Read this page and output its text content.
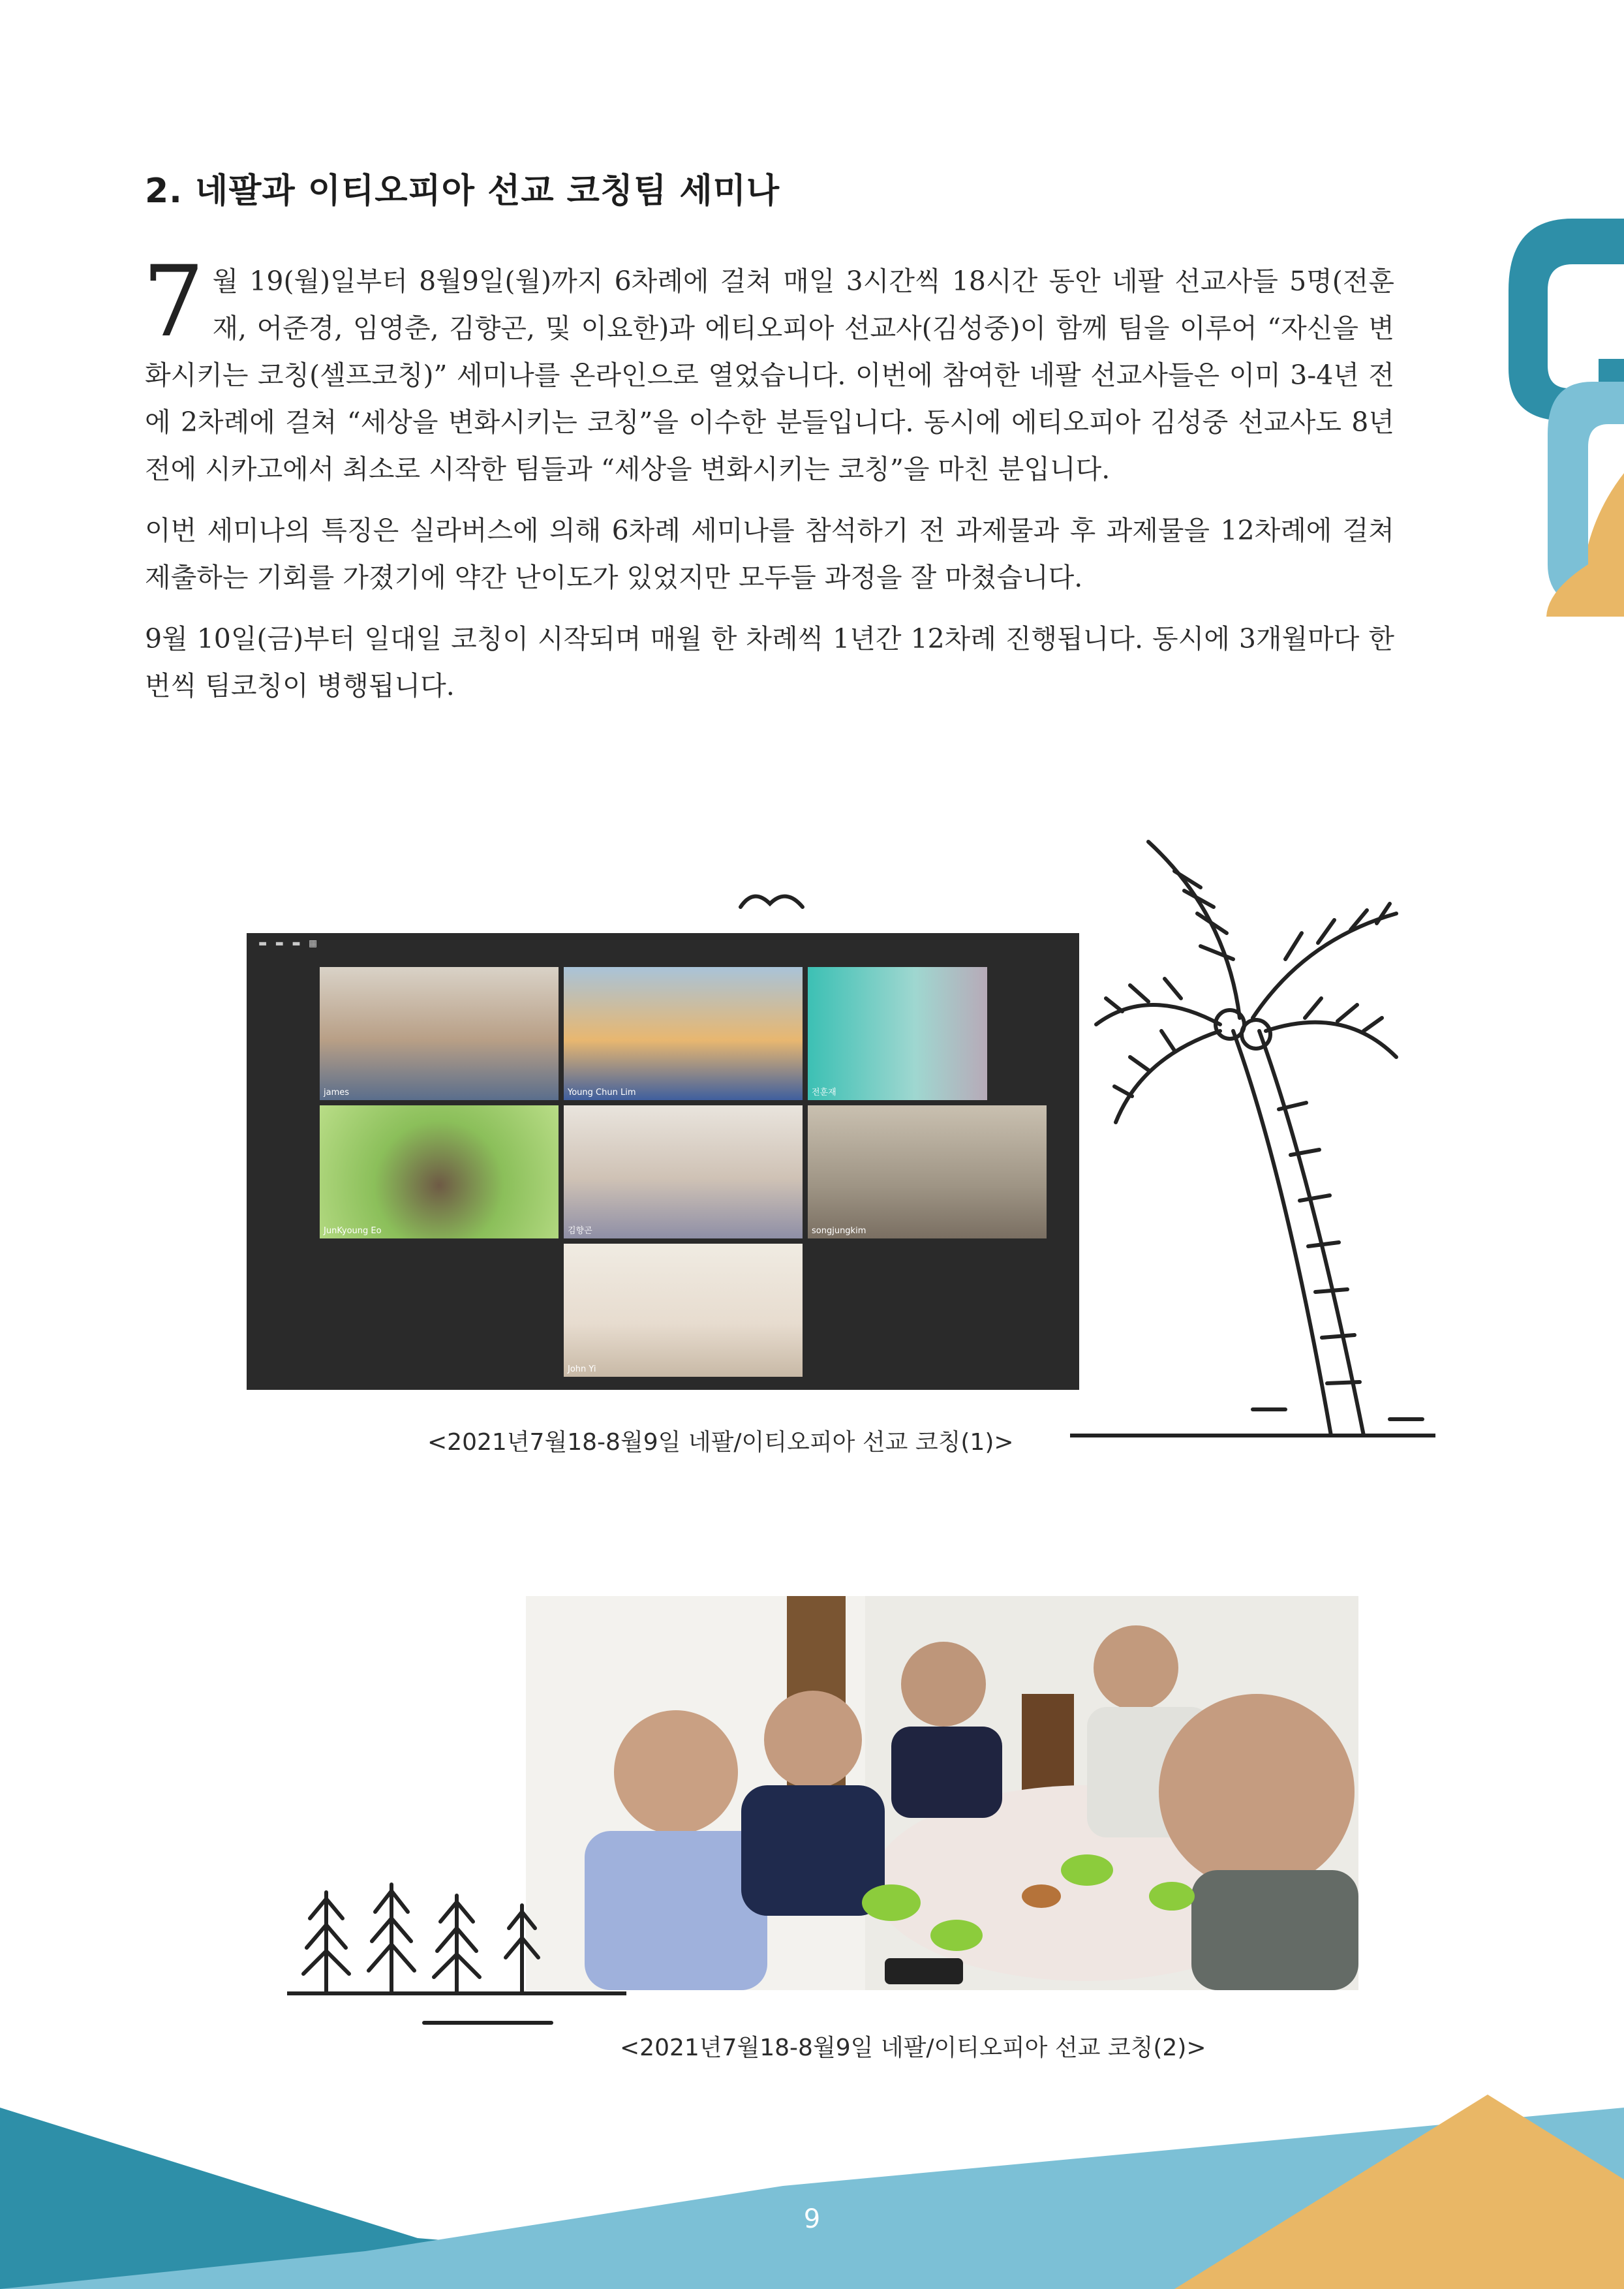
2. 네팔과 이티오피아 선교 코칭팀 세미나

7 월 19(월)일부터 8월9일(월)까지 6차례에 걸쳐 매일 3시간씩 18시간 동안 네팔 선교사들 5명(전훈재, 어준경, 임영춘, 김향곤, 및 이요한)과 에티오피아 선교사(김성중)이 함께 팀을 이루어 “자신을 변화시키는 코칭(셀프코칭)” 세미나를 온라인으로 열었습니다. 이번에 참여한 네팔 선교사들은 이미 3-4년 전에 2차례에 걸쳐 “세상을 변화시키는 코칭”을 이수한 분들입니다. 동시에 에티오피아 김성중 선교사도 8년 전에 시카고에서 최소로 시작한 팀들과 “세상을 변화시키는 코칭”을 마친 분입니다.

이번 세미나의 특징은 실라버스에 의해 6차례 세미나를 참석하기 전 과제물과 후 과제물을 12차례에 걸쳐 제출하는 기회를 가졌기에 약간 난이도가 있었지만 모두들 과정을 잘 마쳤습니다.

9월 10일(금)부터 일대일 코칭이 시작되며 매월 한 차례씩 1년간 12차례 진행됩니다. 동시에 3개월마다 한 번씩 팀코칭이 병행됩니다.

▬ ▬ ▬ ▦
james	Young Chun Lim	전훈재
JunKyoung Eo	김향곤	songjungkim
John Yi
<2021년7월18-8월9일 네팔/이티오피아 선교 코칭(1)>
<2021년7월18-8월9일 네팔/이티오피아 선교 코칭(2)>
9
